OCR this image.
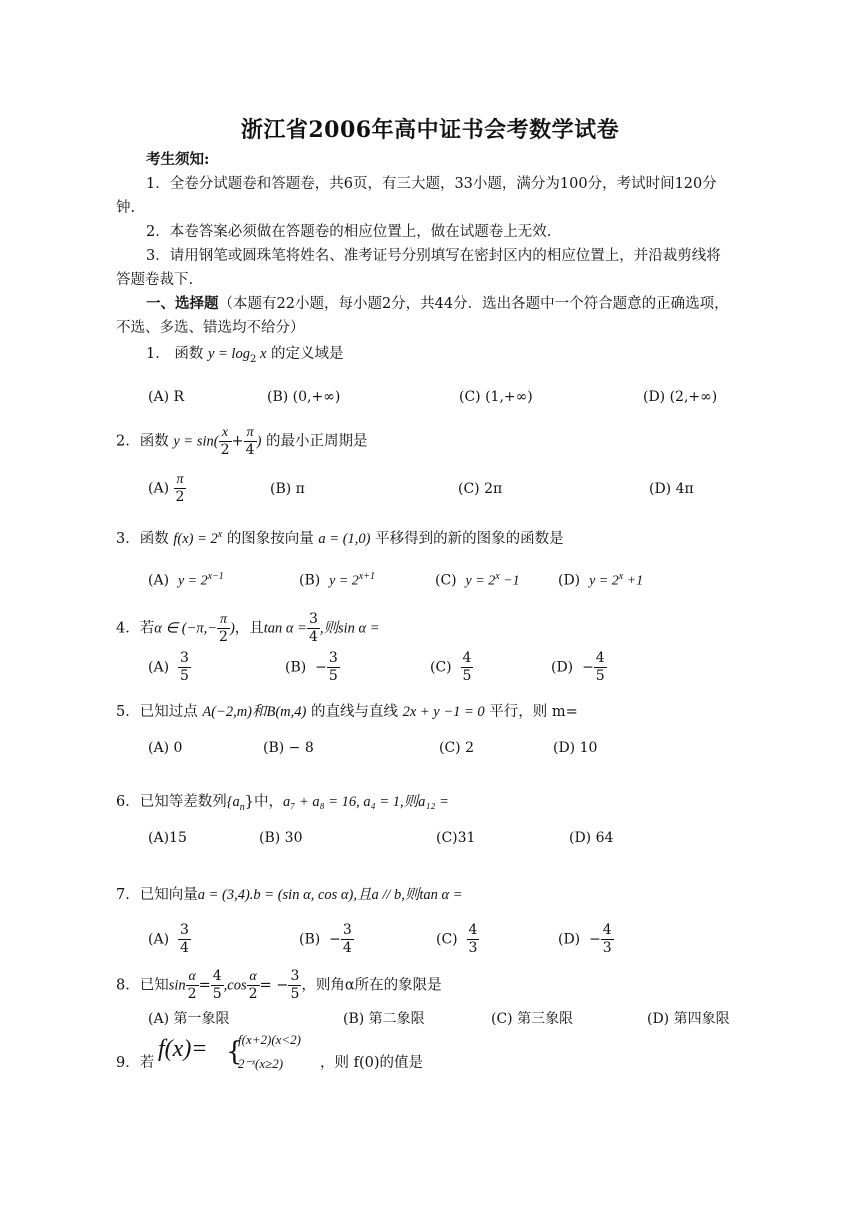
浙江省2006年高中证书会考数学试卷
考生须知:
1．全卷分试题卷和答题卷，共6页，有三大题，33小题，满分为100分，考试时间120分
钟.
2．本卷答案必须做在答题卷的相应位置上，做在试题卷上无效.
3．请用钢笔或圆珠笔将姓名、准考证号分别填写在密封区内的相应位置上，并沿裁剪线将
答题卷裁下.
一、选择题（本题有22小题，每小题2分，共44分．选出各题中一个符合题意的正确选项，
不选、多选、错选均不给分）
1． 函数 $y = \log_2 x$ 的定义域是
(A) R	(B) (0,+∞)	(C) (1,+∞)	(D) (2,+∞)
2．函数 $y = \sin( \frac{x}{2} + \frac{\pi}{4}$ ) 的最小正周期是
$(A) \frac{\pi}{2}$	(B) π	(C) 2π	(D) 4π
3．函数 $f(x) = 2^x$ 的图象按向量 a = (1,0) 平移得到的新的图象的函数是
(A) $y = 2^{x-1}$	(B) $y = 2^{x+1}$	(C) $y = 2^x -1$	(D) $y = 2^x +1$
4．若α ∈ ($-\pi,- \frac{\pi}{2}$ )，且$\tan \alpha = \frac{3}{4}$ ,则sin α =
$(A) \frac{3}{5}$	$(B) - \frac{3}{5}$	$(C) \frac{4}{5}$	$(D) - \frac{4}{5}$
5．已知过点 A(−2,m)和B(m,4) 的直线与直线 2x + y −1 = 0 平行，则 m=
(A) 0	(B) − 8	(C) 2	(D) 10
6．已知等差数列$\{a_n\}$中，a₇ + a₈ = 16, a₄ = 1,则a₁₂ =
(A)15	(B) 30	(C)31	(D) 64
7．已知向量a = (3,4).b = (sin α, cos α),且a // b,则tan α =
$(A) \frac{3}{4}$	$(B) - \frac{3}{4}$	$(C) \frac{4}{3}$	$(D) - \frac{4}{3}$
8．已知$\sin \frac{\alpha}{2} = \frac{4}{5} ,\cos \frac{\alpha}{2}$ = − $\frac{3}{5}$ ，则角α所在的象限是
(A) 第一象限	(B) 第二象限	(C) 第三象限	(D) 第四象限
9．若
f(x)= {
f(x+2)(x<2)
2⁻ˣ(x≥2)	，则 f(0)的值是
